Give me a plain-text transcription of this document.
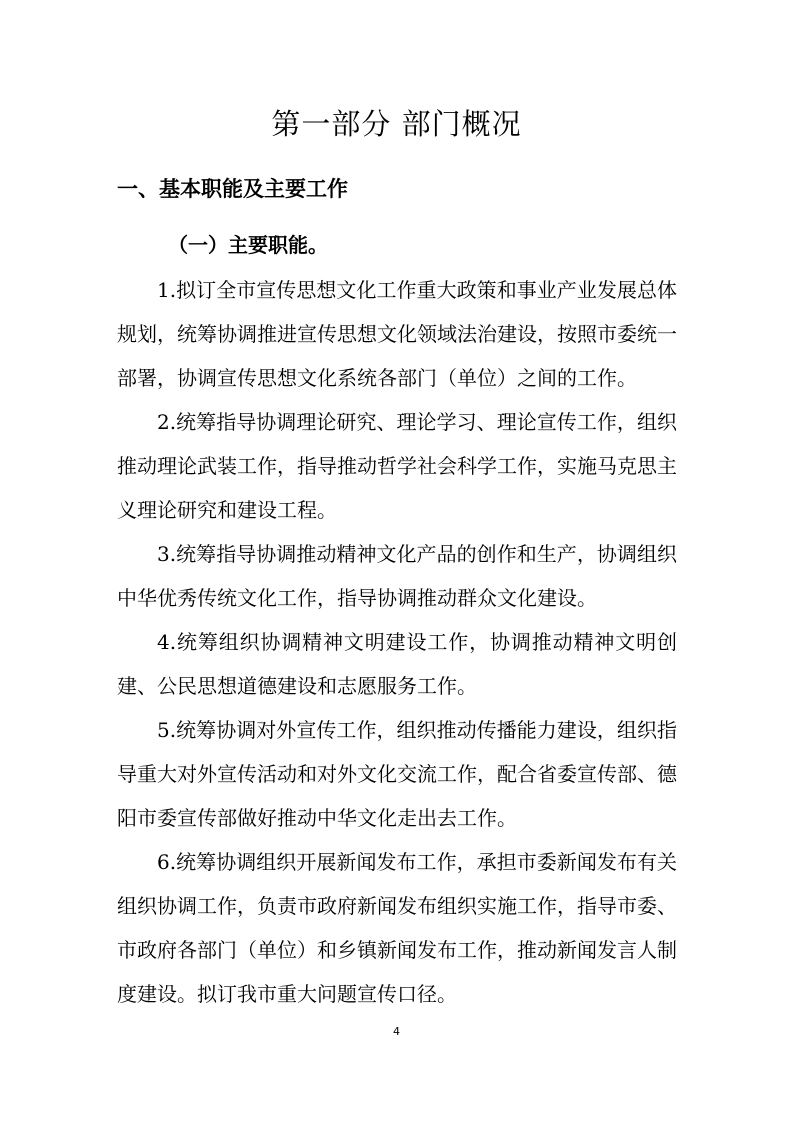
第一部分 部门概况
一、基本职能及主要工作
（一）主要职能。

1.拟订全市宣传思想文化工作重大政策和事业产业发展总体规划，统筹协调推进宣传思想文化领域法治建设，按照市委统一部署，协调宣传思想文化系统各部门（单位）之间的工作。

2.统筹指导协调理论研究、理论学习、理论宣传工作，组织推动理论武装工作，指导推动哲学社会科学工作，实施马克思主义理论研究和建设工程。

3.统筹指导协调推动精神文化产品的创作和生产，协调组织中华优秀传统文化工作，指导协调推动群众文化建设。

4.统筹组织协调精神文明建设工作，协调推动精神文明创建、公民思想道德建设和志愿服务工作。

5.统筹协调对外宣传工作，组织推动传播能力建设，组织指导重大对外宣传活动和对外文化交流工作，配合省委宣传部、德阳市委宣传部做好推动中华文化走出去工作。

6.统筹协调组织开展新闻发布工作，承担市委新闻发布有关组织协调工作，负责市政府新闻发布组织实施工作，指导市委、市政府各部门（单位）和乡镇新闻发布工作，推动新闻发言人制度建设。拟订我市重大问题宣传口径。

4
